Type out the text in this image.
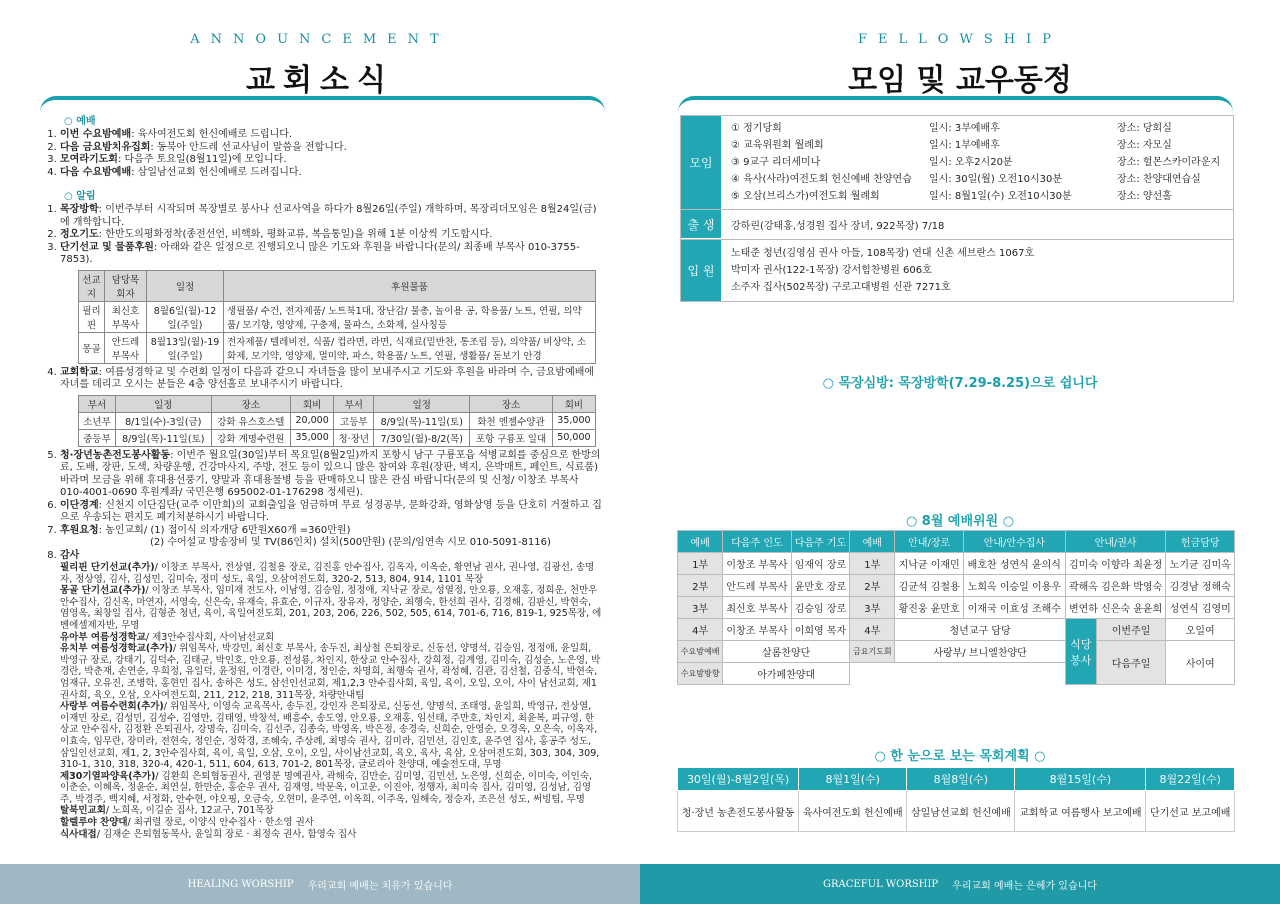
ANNOUNCEMENT
교회소식
○ 예배
1. 이번 수요밤예배: 육사여전도회 헌신예배로 드립니다.
2. 다음 금요밤치유집회: 동북아 안드레 선교사님이 말씀을 전합니다.
3. 모여라기도회: 다음주 토요일(8월11일)에 모입니다.
4. 다음 수요밤예배: 삼일남선교회 헌신예배로 드려집니다.
○ 알림
1. 목장방학: 이번주부터 시작되며 목장별로 봉사나 선교사역을 하다가 8월26일(주일) 개학하며, 목장리더모임은 8월24일(금)에 개학합니다.
2. 정오기도: 한반도의평화정착(종전선언, 비핵화, 평화교류, 복음통일)을 위해 1분 이상씩 기도합시다.
3. 단기선교 및 물품후원: 아래와 같은 일정으로 진행되오니 많은 기도와 후원을 바랍니다(문의/ 최종배 부목사 010-3755-7853).
선교지	담당목회자	일정	후원물품
필리핀	최신호 부목사	8월6일(월)-12일(주일)	생필품/ 수건, 전자제품/ 노트북1대, 장난감/ 물총, 놀이용 공, 학용품/ 노트, 연필, 의약품/ 모기향, 영양제, 구충제, 물파스, 소화제, 실사칭등
몽골	안드레 부목사	8월13일(월)-19일(주일)	전자제품/ 텔레비전, 식품/ 컵라면, 라면, 식재료(밑반찬, 통조림 등), 의약품/ 비상약, 소화제, 모기약, 영양제, 멀미약, 파스, 학용품/ 노트, 연필, 생활품/ 돋보기 안경
4. 교회학교: 여름성경학교 및 수련회 일정이 다음과 같으니 자녀들을 많이 보내주시고 기도와 후원을 바라며 수, 금요밤예배에 자녀를 데리고 오시는 분들은 4층 양선홀로 보내주시기 바랍니다.
부서	일정	장소	회비	부서	일정	장소	회비
소년부	8/1일(수)-3일(금)	강화 유스호스텔	20,000	고등부	8/9일(목)-11일(토)	화천 엔젤수양관	35,000
중등부	8/9일(목)-11일(토)	강화 계명수련원	35,000	청·장년	7/30일(월)-8/2(목)	포항 구룡포 일대	50,000
5. 청·장년농촌전도봉사활동: 이번주 월요일(30일)부터 목요일(8월2일)까지 포항시 남구 구룡포읍 석병교회를 중심으로 한방의료, 도배, 장판, 도색, 차량운행, 건강마사지, 주방, 전도 등이 있으니 많은 참여와 후원(장판, 벽지, 은박매트, 페인트, 식료품)바라며 모금을 위해 휴대용선풍기, 양말과 휴대용물병 등을 판매하오니 많은 관심 바랍니다(문의 및 신청/ 이창조 부목사 010-4001-0690 후원계좌/ 국민은행 695002-01-176298 정세린).
6. 이단경계: 신천지 이단집단(교주 이만희)의 교회출입을 엄금하며 무료 성경공부, 문화강좌, 영화상영 등을 단호히 거절하고 집으로 우송되는 편지도 폐기처분하시기 바랍니다.
7. 후원요청: 농인교회/ (1) 접이식 의자개당 6만원X60개 =360만원)
(2) 수어설교 방송장비 및 TV(86인치) 설치(500만원) (문의/임연속 시모 010-5091-8116)
8. 감사
필리핀 단기선교(추가)/ 이창조 부목사, 전상열, 김철용 장로, 김진홍 안수집사, 김옥자, 이옥순, 황연남 권사, 권나영, 김광선, 송명자, 정상영, 김사, 김성민, 김미숙, 정미 성도, 육일, 오삼여전도회, 320-2, 513, 804, 914, 1101 목장
몽골 단기선교(추가)/ 이창조 부목사, 임미재 전도사, 이남영, 김승임, 정정애, 지낙균 장로, 성열정, 안오룡, 오재홍, 정희운, 천만우 안수집사, 김신옥, 마연자, 서영숙, 신은숙, 유재숙, 유효순, 이규자, 장유자, 정양순, 최행숙, 한선희 권사, 김경해, 김판신, 박현숙, 염영옥, 최창일 집사, 김형준 청년, 육이, 육일여전도회, 201, 203, 206, 226, 502, 505, 614, 701-6, 716, 819-1, 925목장, 에벤에셀제자반, 무명
유아부 여름성경학교/ 제3안수집사회, 사이남선교회
유치부 여름성경학교(추가)/ 위임목사, 박강민, 최신호 부목사, 송두진, 최상철 은퇴장로, 신동선, 양명석, 김승임, 정정애, 윤일희, 박영규 장로, 강태기, 김덕수, 김태균, 박인호, 안오룡, 전성룡, 차인지, 한상교 안수집사, 강희정, 김계영, 김미숙, 김성순, 노은영, 박경란, 박춘재, 손연순, 우희정, 유일덕, 윤정원, 이경란, 이미경, 정인순, 차명희, 최행숙 권사, 곽성혜, 김관, 김선철, 김중식, 박현숙, 엄재규, 오유진, 조병학, 홍현민 집사, 송하은 성도, 삼선인선교회, 제1,2,3 안수집사회, 육일, 육이, 오일, 오이, 사이 남선교회, 제1권사회, 육오, 오삼, 오사여전도회, 211, 212, 218, 311목장, 차량안내팀
사랑부 여름수련회(추가)/ 위임목사, 이영숙 교육목사, 송두진, 강인자 은퇴장로, 신동선, 양명석, 조태영, 윤일희, 박영규, 전상열, 이재민 장로, 김성민, 김성수, 김영만, 김태영, 박창석, 배흥수, 송도영, 안오룡, 오재홍, 임선태, 주만호, 차인지, 최윤복, 피규영, 한상교 안수집사, 김정환 은퇴권사, 강명숙, 김미숙, 김선주, 김종숙, 박영옥, 박은정, 송경숙, 신희순, 안영순, 오경옥, 오은숙, 이옥자, 이효숙, 임무란, 장미라, 전현숙, 정인순, 정학경, 조혜숙, 주상례, 최명숙 권사, 김미라, 김민선, 김인호, 윤주연 집사, 홍공주 성도, 삼일인선교회, 제1, 2, 3안수집사회, 육이, 육일, 오삼, 오이, 오일, 사이남선교회, 육오, 육사, 육삼, 오삼여전도회, 303, 304, 309, 310-1, 310, 318, 320-4, 420-1, 511, 604, 613, 701-2, 801목장, 글로리아 찬양대, 예술전도대, 무명
제30기열파양육(추가)/ 김환희 은퇴협동권사, 권영분 명예권사, 곽해숙, 김만순, 김미영, 김민선, 노은영, 신희순, 이미숙, 이인숙, 이춘순, 이혜옥, 정윤순, 최연실, 한만순, 홍순우 권사, 김재영, 박문옥, 이고운, 이진아, 정행자, 최미숙 집사, 김미영, 김성남, 김영주, 박경주, 백지혜, 서정화, 안수현, 야오핑, 오금숙, 오현미, 윤주연, 이옥희, 이주옥, 임해숙, 정승자, 조은선 성도, 써빙팀, 무명
탈북민교회/ 노희옥, 이길순 집사, 12교구, 701목장
할렐루야 찬양대/ 최귀렬 장로, 이양식 안수집사 · 한소영 권사
식사대접/ 김재순 은퇴협동목사, 윤일희 장로 · 최정숙 권사, 함영숙 집사
HEALING WORSHIP 우리교회 예배는 치유가 있습니다
FELLOWSHIP
모임 및 교우동정
모임
① 정기당회	일시: 3부예배후	장소: 당회실
② 교육위원회 월례회	일시: 1부예배후	장소: 자모실
③ 9교구 리더세미나	일시: 오후2시20분	장소: 헐몬스카이라운지
④ 육사(사라)여전도회 헌신예배 찬양연습	일시: 30일(월) 오전10시30분	장소: 찬양대연습실
⑤ 오삼(브리스가)여전도회 월례회	일시: 8월1일(수) 오전10시30분	장소: 양선홀
출 생	강하린(강태홍,성경원 집사 장녀, 922목장) 7/18
입 원
노태준 청년(김영심 권사 아들, 108목장) 연대 신촌 세브란스 1067호
박미자 권사(122-1목장) 강서힘찬병원 606호
소주자 집사(502목장) 구로고대병원 신관 7271호
○ 목장심방: 목장방학(7.29-8.25)으로 쉽니다
○ 8월 예배위원 ○
예배	다음주 인도	다음주 기도	예배	안내/장로	안내/안수집사	안내/권사		헌금담당
1부	이창조 부목사	임재익 장로	1부	지낙균 이재민	배호찬 성연식 윤의식	김미숙 이향라 최윤정		노기균 김미옥
2부	안드레 부목사	윤만호 장로	2부	김균석 김철용	노희옥 이승일 이용우	곽해옥 김은화 박영숙		김경남 정해숙
3부	최신호 부목사	김승임 장로	3부	황진웅 윤만호	이재국 이효성 조해수	변연하 신은숙 윤윤희		성연식 김영미
4부	이창조 부목사	이희영 목자	4부	청년교구 담당		식당봉사	이번주일	오일여
수요밤예배	살롬찬양단		금요기도회	사랑부/ 브니엘찬양단			다음주일	사이여
수요밤방향	아가페찬양대							
○ 한 눈으로 보는 목회계획 ○
30일(월)-8월2일(목)	8월1일(수)	8월8일(수)	8월15일(수)	8월22일(수)
청·장년 농촌전도봉사활동	육사여전도회 헌신예배	삼일남선교회 헌신예배	교회학교 여름행사 보고예배	단기선교 보고예배
GRACEFUL WORSHIP 우리교회 예배는 은혜가 있습니다
